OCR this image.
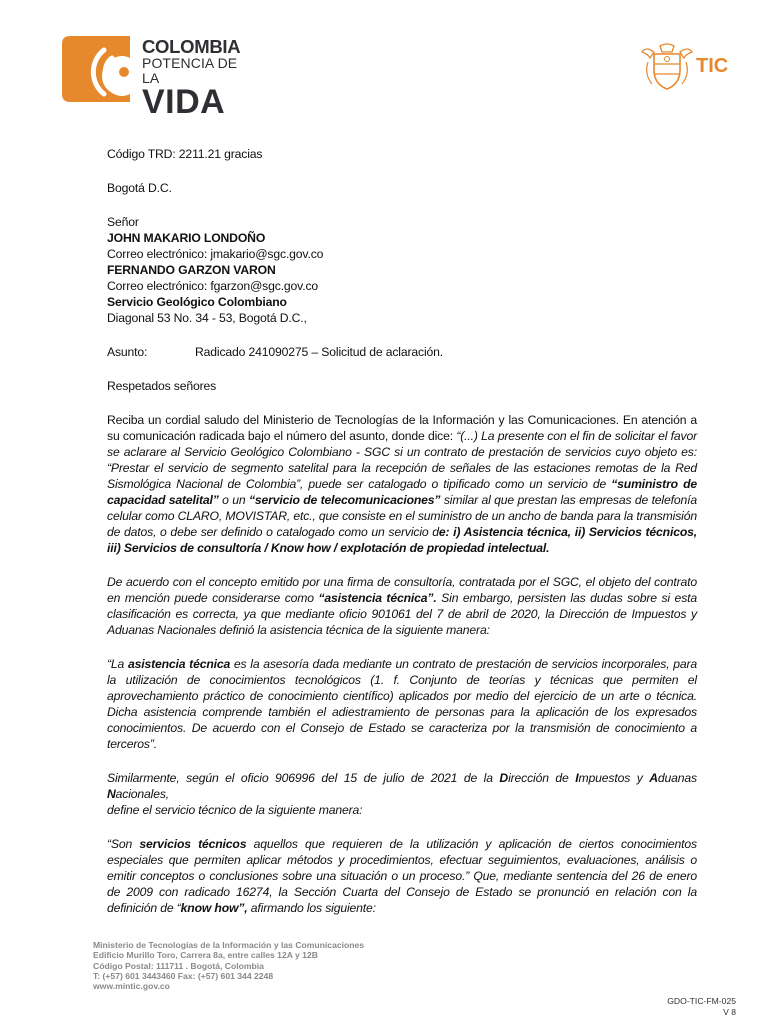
COLOMBIA
POTENCIA DE LA
VIDA
TIC

Código TRD: 2211.21 gracias

Bogotá D.C.

Señor

JOHN MAKARIO LONDOÑO

Correo electrónico: jmakario@sgc.gov.co

FERNANDO GARZON VARON

Correo electrónico: fgarzon@sgc.gov.co

Servicio Geológico Colombiano

Diagonal 53 No. 34 - 53, Bogotá D.C.,

Asunto:	Radicado 241090275 – Solicitud de aclaración.

Respetados señores

Reciba un cordial saludo del Ministerio de Tecnologías de la Información y las Comunicaciones. En atención a su comunicación radicada bajo el número del asunto, donde dice: “(...) La presente con el fin de solicitar el favor se aclarare al Servicio Geológico Colombiano - SGC si un contrato de prestación de servicios cuyo objeto es: “Prestar el servicio de segmento satelital para la recepción de señales de las estaciones remotas de la Red Sismológica Nacional de Colombia”, puede ser catalogado o tipificado como un servicio de “suministro de capacidad satelital” o un “servicio de telecomunicaciones” similar al que prestan las empresas de telefonía celular como CLARO, MOVISTAR, etc., que consiste en el suministro de un ancho de banda para la transmisión de datos, o debe ser definido o catalogado como un servicio de: i) Asistencia técnica, ii) Servicios técnicos, iii) Servicios de consultoría / Know how / explotación de propiedad intelectual.

De acuerdo con el concepto emitido por una firma de consultoría, contratada por el SGC, el objeto del contrato en mención puede considerarse como “asistencia técnica”. Sin embargo, persisten las dudas sobre si esta clasificación es correcta, ya que mediante oficio 901061 del 7 de abril de 2020, la Dirección de Impuestos y Aduanas Nacionales definió la asistencia técnica de la siguiente manera:

“La asistencia técnica es la asesoría dada mediante un contrato de prestación de servicios incorporales, para la utilización de conocimientos tecnológicos (1. f. Conjunto de teorías y técnicas que permiten el aprovechamiento práctico de conocimiento científico) aplicados por medio del ejercicio de un arte o técnica. Dicha asistencia comprende también el adiestramiento de personas para la aplicación de los expresados conocimientos. De acuerdo con el Consejo de Estado se caracteriza por la transmisión de conocimiento a terceros”.

Similarmente, según el oficio 906996 del 15 de julio de 2021 de la Dirección de Impuestos y Aduanas Nacionales,

define el servicio técnico de la siguiente manera:

“Son servicios técnicos aquellos que requieren de la utilización y aplicación de ciertos conocimientos especiales que permiten aplicar métodos y procedimientos, efectuar seguimientos, evaluaciones, análisis o emitir conceptos o conclusiones sobre una situación o un proceso.” Que, mediante sentencia del 26 de enero de 2009 con radicado 16274, la Sección Cuarta del Consejo de Estado se pronunció en relación con la definición de “know how”, afirmando los siguiente:

Ministerio de Tecnologías de la Información y las Comunicaciones
Edificio Murillo Toro, Carrera 8a, entre calles 12A y 12B
Código Postal: 111711 . Bogotá, Colombia
T: (+57) 601 3443460 Fax: (+57) 601 344 2248
www.mintic.gov.co
GDO-TIC-FM-025
V 8
